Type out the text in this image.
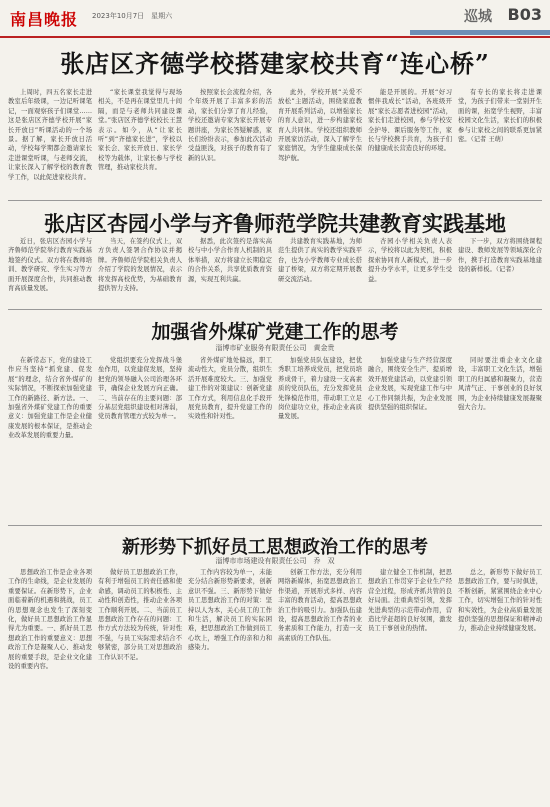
南昌晚报 2023年10月7日　星期六	巡城 B03
张店区齐德学校搭建家校共育“连心桥”

上周时，四五名家长走进教室后年级课，一边记听课笔记，一面观察孩子们课堂……这是张店区齐德学校开展“家长开放日”听课活动的一个场景。据了解，家长开放日活动，学校每学期都会邀请家长走进课堂听课，与老师交流，让家长深入了解学校的教育教学工作，以此促进家校共育。

“家长课堂我觉得与现场相关，不是再在课堂里几十间隔，而是与老师共同建设课堂。”张店区齐德学校校长王慧表示。如今，从“让家长听”到“齐德家长进”，学校以家长会、家长开放日、家长学校等为载体，让家长参与学校管理，推动家校共育。

按照家长会流程介绍，各个年级开展了丰富多彩的活动，家长们分享了育儿经验，学校还邀请专家为家长开展专题讲座，为家长答疑解惑，家长们纷纷表示，参加此次活动受益匪浅，对孩子的教育有了新的认识。

此外，学校开展“关爱不放松”主题活动，围绕家庭教育开展系列活动，以增强家长的育人意识，进一步构建家校育人共同体。学校还组织教师开展家访活动，深入了解学生家庭情况，为学生健康成长保驾护航。

能是开展的。开展“好习惯伴我成长”活动，各班级开展“家长志愿者进校园”活动，家长们走进校园，参与学校安全护导、课后服务等工作，家长与学校携手共育，为孩子们的健康成长营造良好的环境。

有专长的家长将走进课堂，为孩子们带来一堂别开生面的课，拓宽学生视野，丰富校园文化生活，家长们的积极参与让家校之间的联系更加紧密。（记者 王萌）

张店区杏园小学与齐鲁师范学院共建教育实践基地

近日，张店区杏园小学与齐鲁师范学院举行教育实践基地签约仪式。双方将在教师培训、教学研究、学生实习等方面开展深度合作，共同推动教育高质量发展。

当天，在签约仪式上，双方负责人签署合作协议并揭牌。齐鲁师范学院相关负责人介绍了学院的发展情况，表示将发挥高校优势，为基础教育提供智力支持。

据悉，此次签约是落实高校与中小学合作育人机制的具体举措，双方将建立长期稳定的合作关系，共享优质教育资源，实现互利共赢。

共建教育实践基地，为师范生提供了真实的教学实践平台，也为小学教师专业成长搭建了桥梁，双方将定期开展教研交流活动。

杏园小学相关负责人表示，学校将以此为契机，积极探索协同育人新模式，进一步提升办学水平，让更多学生受益。

下一步，双方将围绕课程建设、教师发展等领域深化合作，携手打造教育实践基地建设的新样板。（记者）

加强省外煤矿党建工作的思考
淄博市矿业服务有限责任公司　黄金贵

在新常态下，党的建设工作应当坚持“抓党建、促发展”的理念，结合省外煤矿的实际情况，不断探索加强党建工作的新路径、新方法。一、加强省外煤矿党建工作的重要意义：加强党建工作是企业健康发展的根本保证，是推动企业改革发展的重要力量。

党组织要充分发挥战斗堡垒作用，以党建促发展，坚持把党的领导融入公司治理各环节，确保企业发展方向正确。二、当前存在的主要问题：部分基层党组织建设相对薄弱，党员教育管理方式较为单一。

省外煤矿地处偏远，职工流动性大，党员分散，组织生活开展难度较大。三、加强党建工作的对策建议：创新党建工作方式，利用信息化手段开展党员教育，提升党建工作的实效性和针对性。

加强党员队伍建设，把优秀职工培养成党员，把党员培养成骨干，着力建设一支高素质的党员队伍，充分发挥党员先锋模范作用，带动职工立足岗位建功立业，推动企业高质量发展。

加强党建与生产经营深度融合，围绕安全生产、提质增效开展党建活动，以党建引领企业发展，实现党建工作与中心工作同频共振，为企业发展提供坚强的组织保证。

同时要注重企业文化建设，丰富职工文化生活，增强职工的归属感和凝聚力，营造风清气正、干事创业的良好氛围，为企业持续健康发展凝聚强大合力。

新形势下抓好员工思想政治工作的思考
淄博市市场建设有限责任公司　乔　双

思想政治工作是企业各项工作的生命线，是企业发展的重要保证。在新形势下，企业面临着新的机遇和挑战，员工的思想观念也发生了深刻变化，做好员工思想政治工作显得尤为重要。一、抓好员工思想政治工作的重要意义：思想政治工作是凝聚人心、推动发展的重要手段，是企业文化建设的重要内容。

做好员工思想政治工作，有利于增强员工的责任感和使命感，调动员工的积极性、主动性和创造性，推动企业各项工作顺利开展。二、当前员工思想政治工作存在的问题：工作方式方法较为传统，针对性不强，与员工实际需求结合不够紧密，部分员工对思想政治工作认识不足。

工作内容较为单一，未能充分结合新形势新要求，创新意识不强。三、新形势下做好员工思想政治工作的对策：坚持以人为本，关心员工的工作和生活，解决员工的实际困难，把思想政治工作做到员工心坎上，增强工作的亲和力和感染力。

创新工作方法，充分利用网络新媒体，拓宽思想政治工作渠道，开展形式多样、内容丰富的教育活动，提高思想政治工作的吸引力。加强队伍建设，提高思想政治工作者的业务素质和工作能力，打造一支高素质的工作队伍。

建立健全工作机制，把思想政治工作贯穿于企业生产经营全过程，形成齐抓共管的良好局面。注重典型引领，发挥先进典型的示范带动作用，营造比学赶超的良好氛围，激发员工干事创业的热情。

总之，新形势下做好员工思想政治工作，要与时俱进，不断创新，紧紧围绕企业中心工作，切实增强工作的针对性和实效性，为企业高质量发展提供坚强的思想保证和精神动力，推动企业持续健康发展。
